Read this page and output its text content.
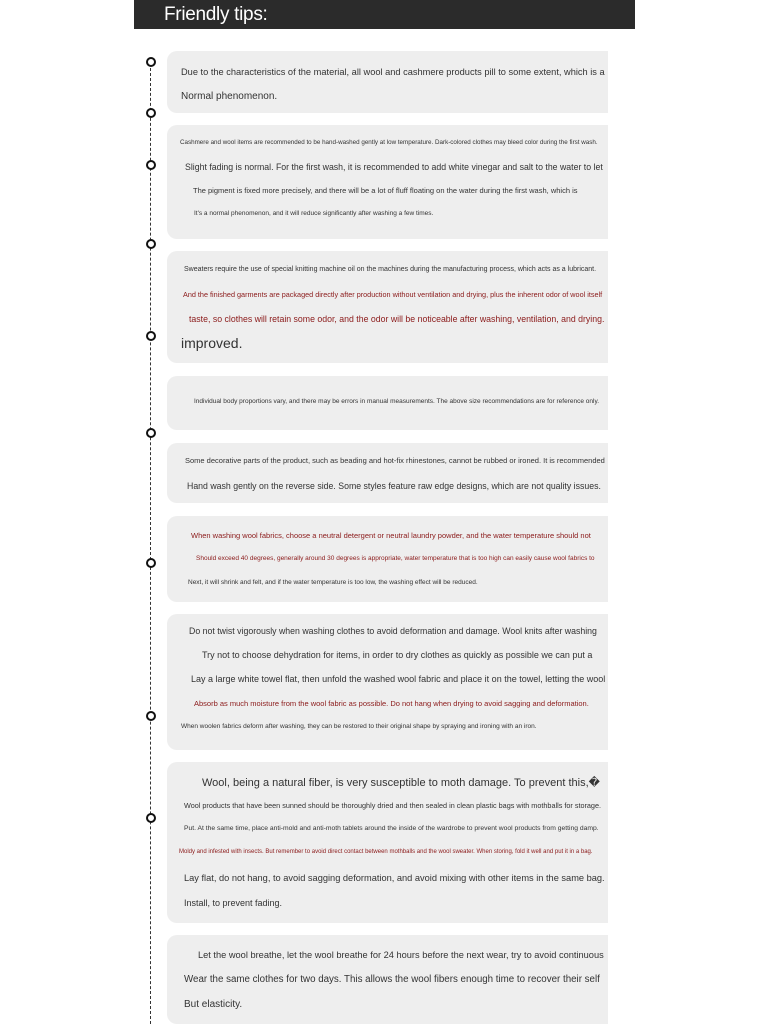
Friendly tips:

Due to the characteristics of the material, all wool and cashmere products pill to some extent, which is a

Normal phenomenon.

Cashmere and wool items are recommended to be hand-washed gently at low temperature. Dark-colored clothes may bleed color during the first wash.

Slight fading is normal. For the first wash, it is recommended to add white vinegar and salt to the water to let

The pigment is fixed more precisely, and there will be a lot of fluff floating on the water during the first wash, which is

It's a normal phenomenon, and it will reduce significantly after washing a few times.

Sweaters require the use of special knitting machine oil on the machines during the manufacturing process, which acts as a lubricant.

And the finished garments are packaged directly after production without ventilation and drying, plus the inherent odor of wool itself

taste, so clothes will retain some odor, and the odor will be noticeable after washing, ventilation, and drying.

improved.

Individual body proportions vary, and there may be errors in manual measurements. The above size recommendations are for reference only.

Some decorative parts of the product, such as beading and hot-fix rhinestones, cannot be rubbed or ironed. It is recommended

Hand wash gently on the reverse side. Some styles feature raw edge designs, which are not quality issues.

When washing wool fabrics, choose a neutral detergent or neutral laundry powder, and the water temperature should not

Should exceed 40 degrees, generally around 30 degrees is appropriate, water temperature that is too high can easily cause wool fabrics to

Next, it will shrink and felt, and if the water temperature is too low, the washing effect will be reduced.

Do not twist vigorously when washing clothes to avoid deformation and damage. Wool knits after washing

Try not to choose dehydration for items, in order to dry clothes as quickly as possible we can put a

Lay a large white towel flat, then unfold the washed wool fabric and place it on the towel, letting the wool

Absorb as much moisture from the wool fabric as possible. Do not hang when drying to avoid sagging and deformation.

When woolen fabrics deform after washing, they can be restored to their original shape by spraying and ironing with an iron.

Wool, being a natural fiber, is very susceptible to moth damage. To prevent this,�

Wool products that have been sunned should be thoroughly dried and then sealed in clean plastic bags with mothballs for storage.

Put. At the same time, place anti-mold and anti-moth tablets around the inside of the wardrobe to prevent wool products from getting damp.

Moldy and infested with insects. But remember to avoid direct contact between mothballs and the wool sweater. When storing, fold it well and put it in a bag.

Lay flat, do not hang, to avoid sagging deformation, and avoid mixing with other items in the same bag.

Install, to prevent fading.

Let the wool breathe, let the wool breathe for 24 hours before the next wear, try to avoid continuous

Wear the same clothes for two days. This allows the wool fibers enough time to recover their self

But elasticity.
